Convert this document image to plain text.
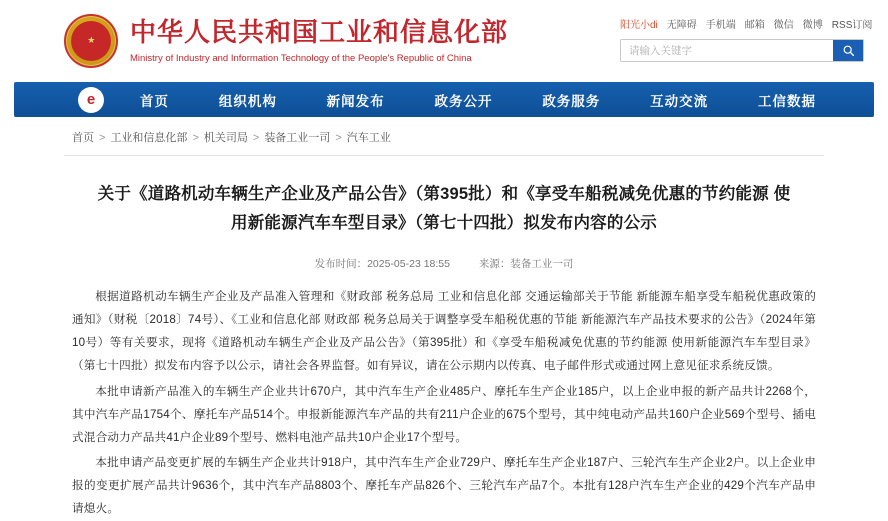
★	中华人民共和国工业和信息化部
Ministry of Industry and Information Technology of the People's Republic of China
阳光小di 无障碍 手机端 邮箱 微信 微博 RSS订阅
请输入关键字
e	首页	组织机构	新闻发布	政务公开	政务服务	互动交流	工信数据
首页 > 工业和信息化部 > 机关司局 > 装备工业一司 > 汽车工业
关于《道路机动车辆生产企业及产品公告》（第395批）和《享受车船税减免优惠的节约能源 使用新能源汽车车型目录》（第七十四批）拟发布内容的公示
发布时间：2025-05-23 18:55	来源：装备工业一司

根据道路机动车辆生产企业及产品准入管理和《财政部 税务总局 工业和信息化部 交通运输部关于节能 新能源车船享受车船税优惠政策的通知》（财税〔2018〕74号）、《工业和信息化部 财政部 税务总局关于调整享受车船税优惠的节能 新能源汽车产品技术要求的公告》（2024年第10号）等有关要求，现将《道路机动车辆生产企业及产品公告》（第395批）和《享受车船税减免优惠的节约能源 使用新能源汽车车型目录》（第七十四批）拟发布内容予以公示，请社会各界监督。如有异议，请在公示期内以传真、电子邮件形式或通过网上意见征求系统反馈。

本批申请新产品准入的车辆生产企业共计670户，其中汽车生产企业485户、摩托车生产企业185户，以上企业申报的新产品共计2268个，其中汽车产品1754个、摩托车产品514个。申报新能源汽车产品的共有211户企业的675个型号，其中纯电动产品共160户企业569个型号、插电式混合动力产品共41户企业89个型号、燃料电池产品共10户企业17个型号。

本批申请产品变更扩展的车辆生产企业共计918户，其中汽车生产企业729户、摩托车生产企业187户、三轮汽车生产企业2户。以上企业申报的变更扩展产品共计9636个，其中汽车产品8803个、摩托车产品826个、三轮汽车产品7个。本批有128户汽车生产企业的429个汽车产品申请熄火。
